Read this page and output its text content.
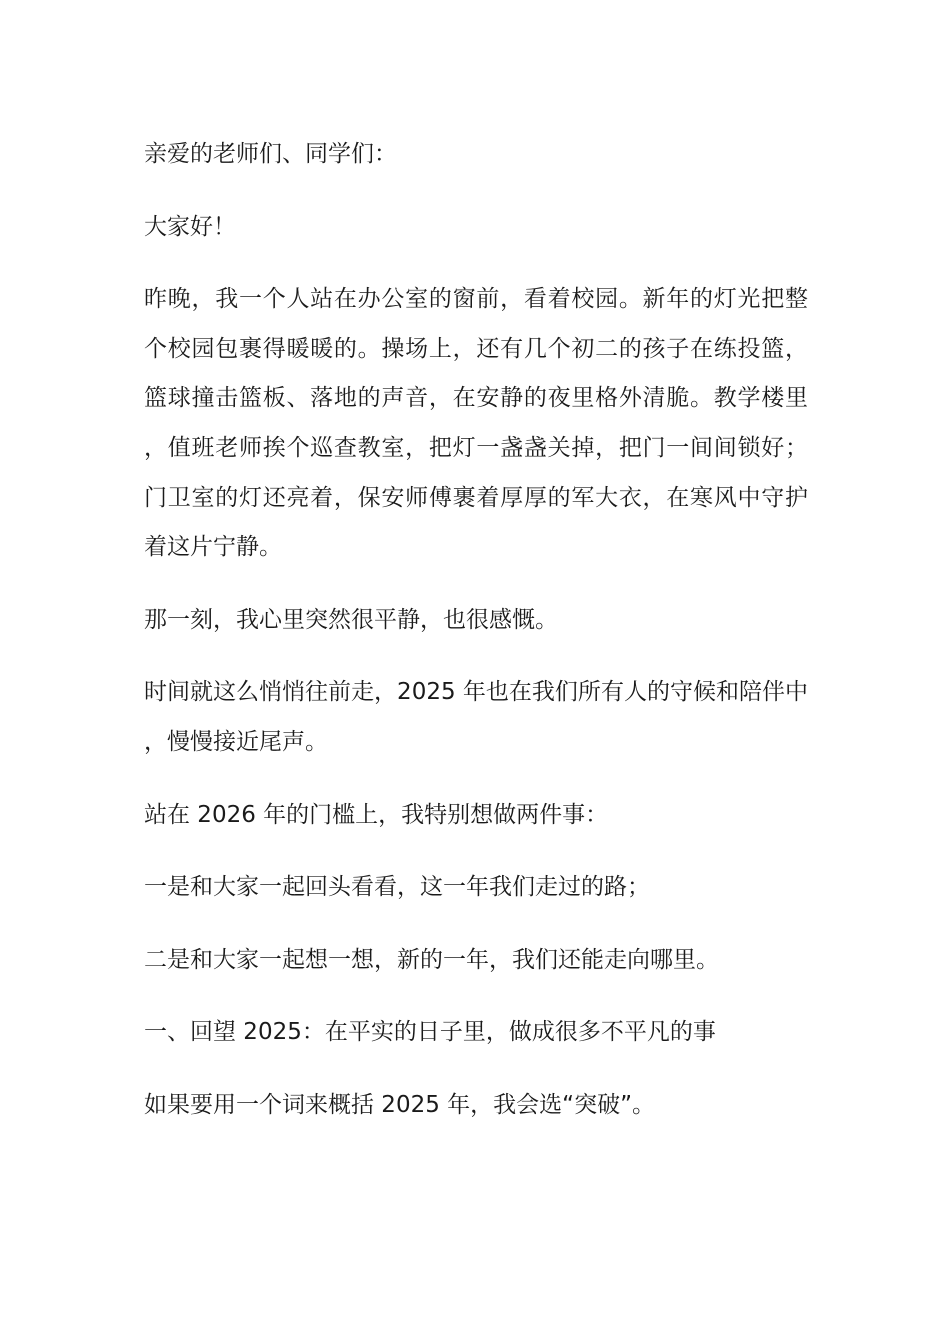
亲爱的老师们、同学们：

大家好！

昨晚，我一个人站在办公室的窗前，看着校园。新年的灯光把整个校园包裹得暖暖的。操场上，还有几个初二的孩子在练投篮，篮球撞击篮板、落地的声音，在安静的夜里格外清脆。教学楼里，值班老师挨个巡查教室，把灯一盏盏关掉，把门一间间锁好；门卫室的灯还亮着，保安师傅裹着厚厚的军大衣，在寒风中守护着这片宁静。

那一刻，我心里突然很平静，也很感慨。

时间就这么悄悄往前走，2025 年也在我们所有人的守候和陪伴中，慢慢接近尾声。

站在 2026 年的门槛上，我特别想做两件事：

一是和大家一起回头看看，这一年我们走过的路；

二是和大家一起想一想，新的一年，我们还能走向哪里。

一、回望 2025：在平实的日子里，做成很多不平凡的事

如果要用一个词来概括 2025 年，我会选“突破”。
